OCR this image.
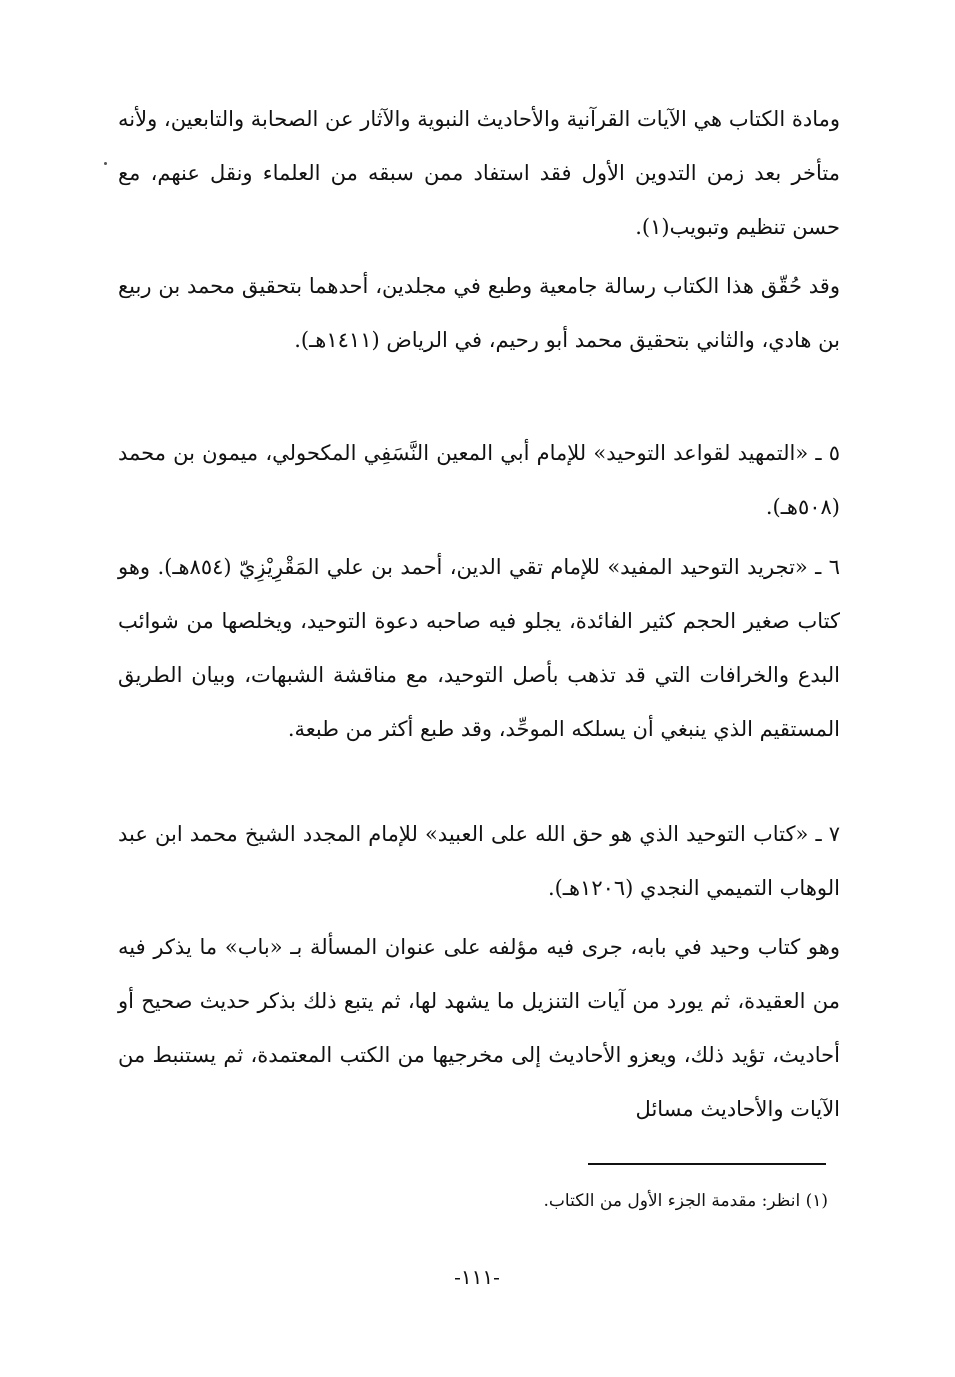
ومادة الكتاب هي الآيات القرآنية والأحاديث النبوية والآثار عن الصحابة والتابعين، ولأنه متأخر بعد زمن التدوين الأول فقد استفاد ممن سبقه من العلماء ونقل عنهم، مع حسن تنظيم وتبويب(١).

وقد حُقّق هذا الكتاب رسالة جامعية وطبع في مجلدين، أحدهما بتحقيق محمد بن ربيع بن هادي، والثاني بتحقيق محمد أبو رحيم، في الرياض (١٤١١هـ).

٥ ـ «التمهيد لقواعد التوحيد» للإمام أبي المعين النَّسَفِي المكحولي، ميمون بن محمد (٥٠٨هـ).

٦ ـ «تجريد التوحيد المفيد» للإمام تقي الدين، أحمد بن علي المَقْرِيْزِيّ (٨٥٤هـ). وهو كتاب صغير الحجم كثير الفائدة، يجلو فيه صاحبه دعوة التوحيد، ويخلصها من شوائب البدع والخرافات التي قد تذهب بأصل التوحيد، مع مناقشة الشبهات، وبيان الطريق المستقيم الذي ينبغي أن يسلكه الموحِّد، وقد طبع أكثر من طبعة.

٧ ـ «كتاب التوحيد الذي هو حق الله على العبيد» للإمام المجدد الشيخ محمد ابن عبد الوهاب التميمي النجدي (١٢٠٦هـ).

وهو كتاب وحيد في بابه، جرى فيه مؤلفه على عنوان المسألة بـ «باب» ما يذكر فيه من العقيدة، ثم يورد من آيات التنزيل ما يشهد لها، ثم يتبع ذلك بذكر حديث صحيح أو أحاديث، تؤيد ذلك، ويعزو الأحاديث إلى مخرجيها من الكتب المعتمدة، ثم يستنبط من الآيات والأحاديث مسائل

(١) انظر: مقدمة الجزء الأول من الكتاب.

-١١١-
